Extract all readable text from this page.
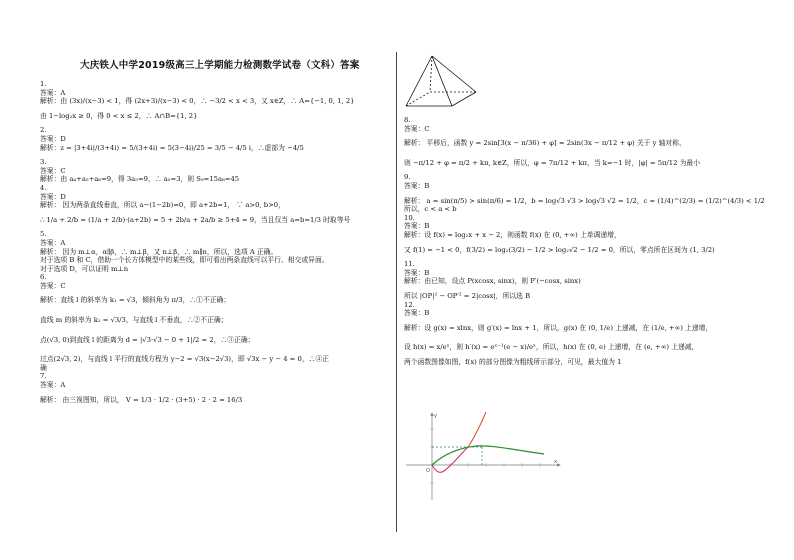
大庆铁人中学2019级高三上学期能力检测数学试卷（文科）答案
1.
答案：A
解析：由 (3x)/(x−3) < 1，得 (2x+3)/(x−3) < 0，∴ −3/2 < x < 3，又 x∈Z，∴ A={−1, 0, 1, 2}
由 1−log₂x ≥ 0，得 0 < x ≤ 2，∴ A∩B={1, 2}
2.
答案：D
解析：z = |3+4i|/(3+4i) = 5/(3+4i) = 5(3−4i)/25 = 3/5 − 4/5 i，∴虚部为 −4/5
3.
答案：C
解析：由 a₄+a₅+a₆=9，得 3a₅=9，∴ a₅=3，则 S₉=15a₈=45
4.
答案：D
解析： 因为两条直线垂直，所以 a−(1−2b)=0，即 a+2b=1， ∵ a>0, b>0，
∴ 1/a + 2/b = (1/a + 2/b)·(a+2b) = 5 + 2b/a + 2a/b ≥ 5+4 = 9，当且仅当 a=b=1/3 时取等号
5.
答案：A
解析： 因为 m⊥α，α∥β，∴ m⊥β，又 n⊥β，∴ m∥n，所以，选项 A 正确。
对于选项 B 和 C，借助一个长方体模型中的某些线，即可看出两条直线可以平行、相交或异面。
对于选项 D，可以证明 m⊥n
6.
答案：C
解析：直线 l 的斜率为 k₁ = √3，倾斜角为 π/3，∴①不正确；
直线 m 的斜率为 k₂ = √3/3，与直线 l 不垂直，∴②不正确；
点(√3, 0)到直线 l 的距离为 d = |√3·√3 − 0 + 1|/2 = 2，∴③正确；
过点(2√3, 2)，与直线 l 平行的直线方程为 y−2 = √3(x−2√3)，即 √3x − y − 4 = 0，∴④正
确
7.
答案：A
解析： 由三视图知，所以， V = 1/3 · 1/2 · (3+5) · 2 · 2 = 16/3
8.
答案：C
解析： 平移后，函数 y = 2sin[3(x − π/36) + φ] = 2sin(3x − π/12 + φ) 关于 y 轴对称，
则 −π/12 + φ = π/2 + kπ, k∈Z，所以，φ = 7π/12 + kπ，当 k=−1 时，|φ| = 5π/12 为最小
9.
答案：B
解析： a = sin(π/5) > sin(π/6) = 1/2，b = log√3 √3 > log√3 √2 = 1/2，c = (1/4)^(2/3) = (1/2)^(4/3) < 1/2
所以，c < a < b
10.
答案：B
解析：设 f(x) = log₂x + x − 2，则函数 f(x) 在 (0, +∞) 上单调递增，
又 f(1) = −1 < 0，f(3/2) = log₂(3/2) − 1/2 > log₂√2 − 1/2 = 0，所以，零点所在区间为 (1, 3/2)
11.
答案：B
解析：由已知，设点 P(xcosx, sinx)，则 P′(−cosx, sinx)
所以 |OP|² − OP′² = 2|cosx|，所以选 B
12.
答案：B
解析：设 g(x) = xlnx，则 g′(x) = lnx + 1，所以，g(x) 在 (0, 1/e) 上递减，在 (1/e, +∞) 上递增，
设 h(x) = x/eˣ，则 h′(x) = eˣ⁻¹(e − x)/eˣ，所以，h(x) 在 (0, e) 上递增，在 (e, +∞) 上递减，
两个函数图像如图，f(x) 的部分图像为粗线所示部分，可见，最大值为 1
x
y
O
